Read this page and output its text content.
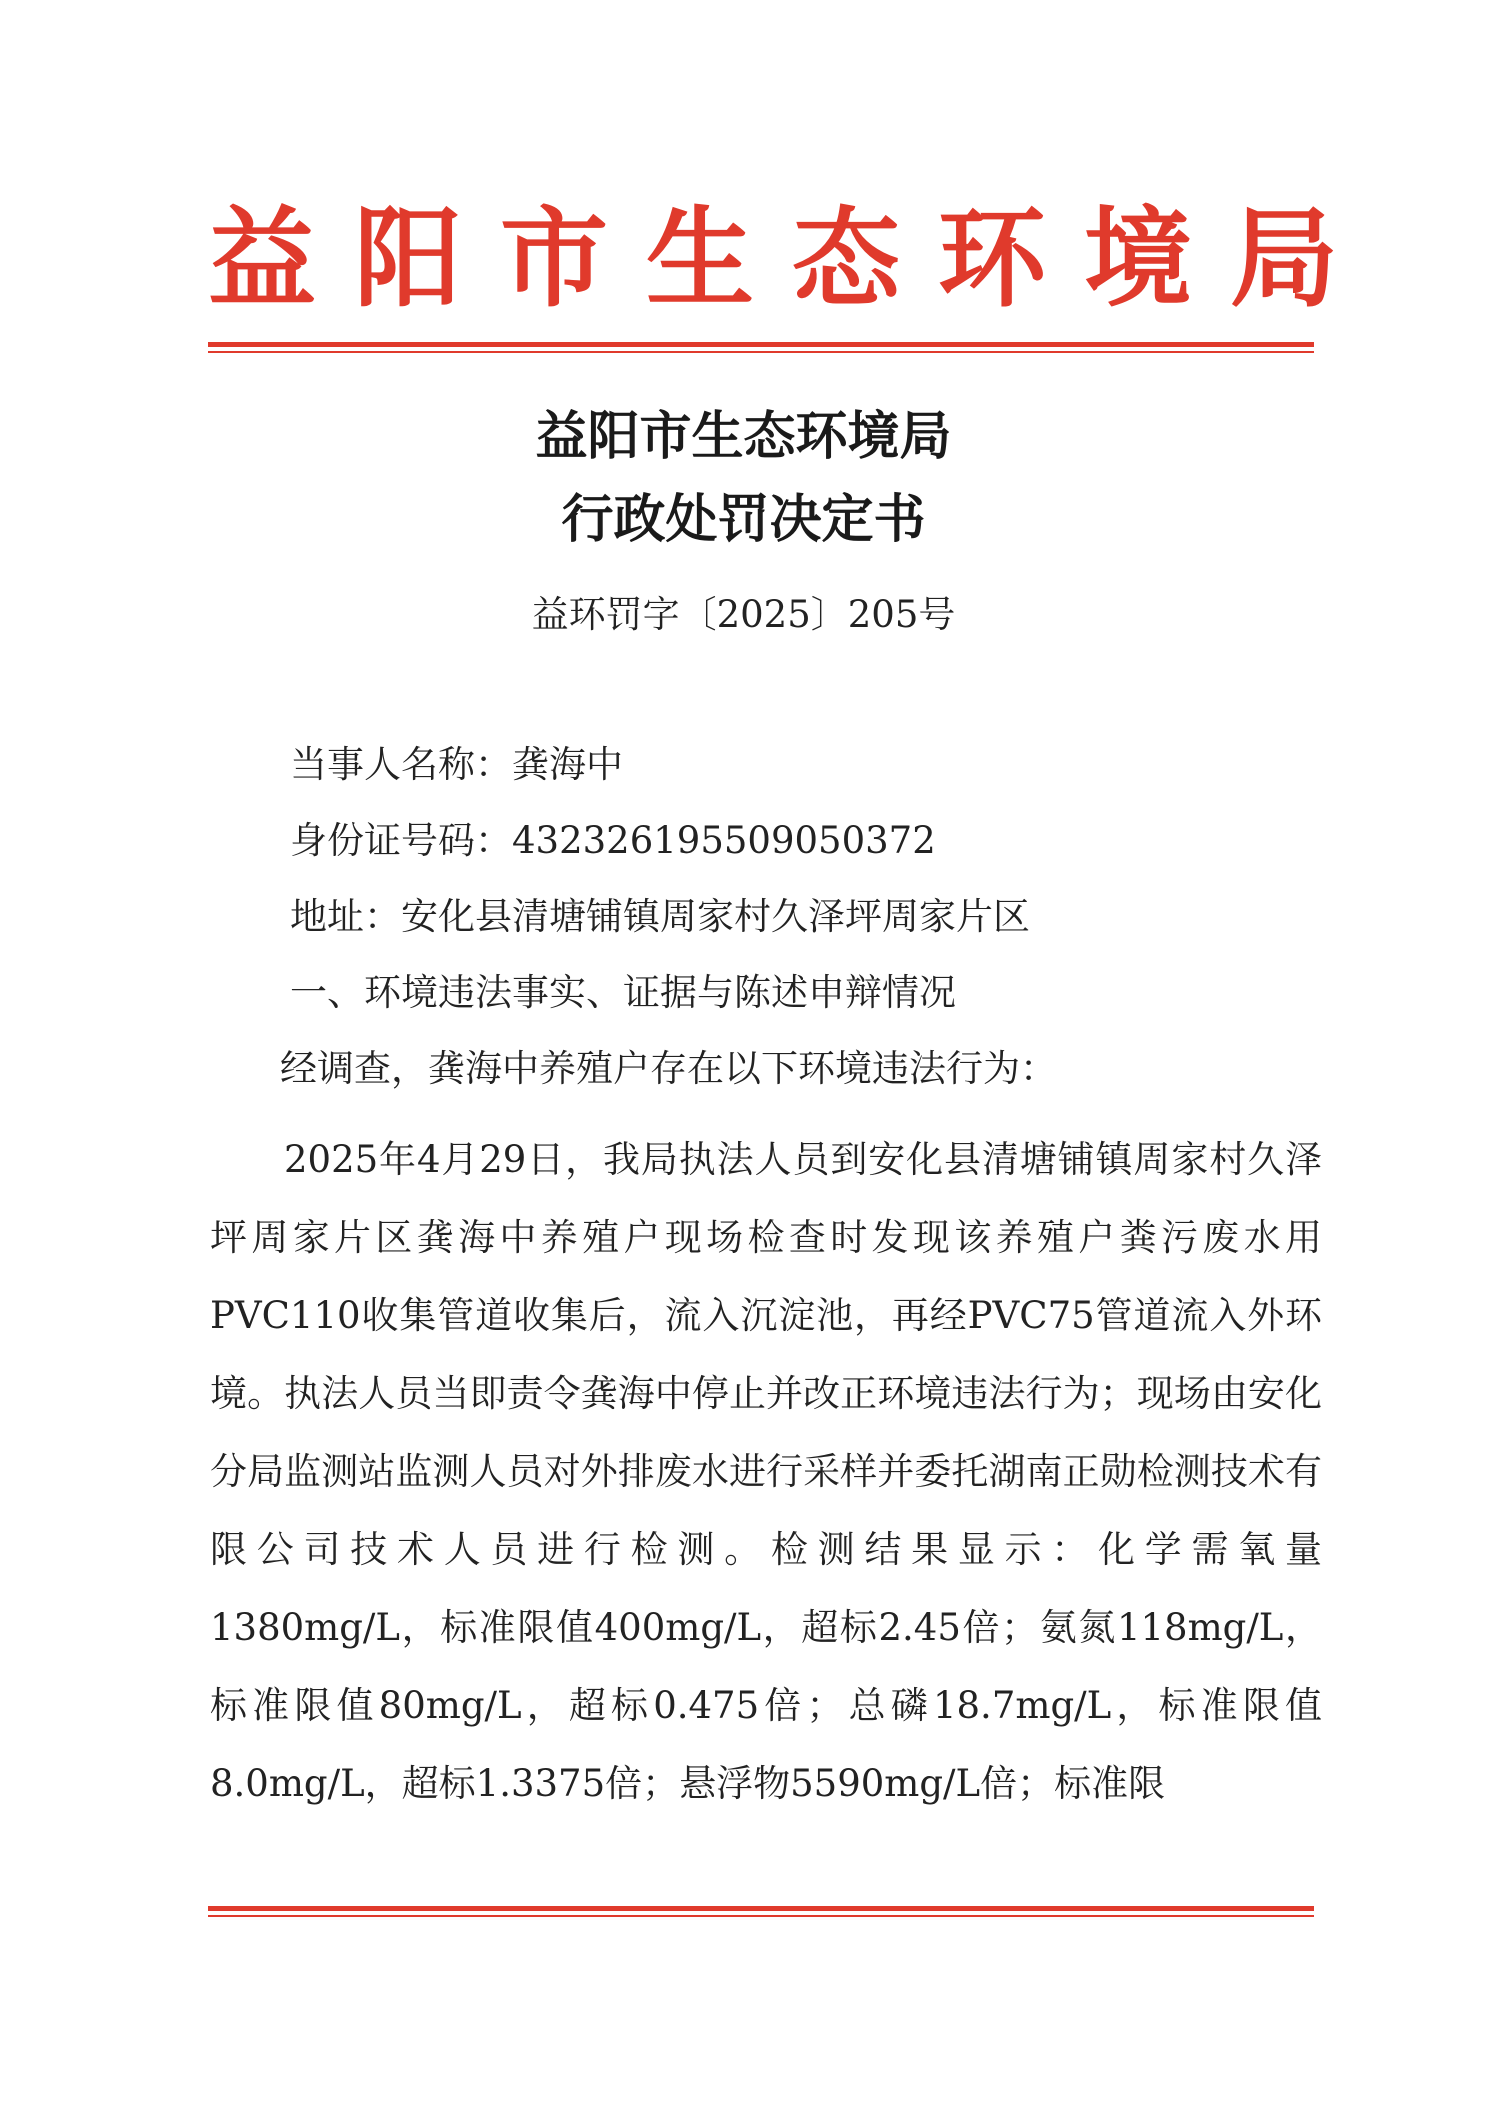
益阳市生态环境局
益阳市生态环境局
行政处罚决定书
益环罚字〔2025〕205号
当事人名称：龚海中
身份证号码：432326195509050372
地址：安化县清塘铺镇周家村久泽坪周家片区
一、环境违法事实、证据与陈述申辩情况
经调查，龚海中养殖户存在以下环境违法行为：

2025年4月29日，我局执法人员到安化县清塘铺镇周家村久泽坪周家片区龚海中养殖户现场检查时发现该养殖户粪污废水用PVC110收集管道收集后，流入沉淀池，再经PVC75管道流入外环境。执法人员当即责令龚海中停止并改正环境违法行为；现场由安化分局监测站监测人员对外排废水进行采样并委托湖南正勋检测技术有限公司技术人员进行检测。检测结果显示：化学需氧量1380mg/L，标准限值400mg/L，超标2.45倍；氨氮118mg/L，标准限值80mg/L，超标0.475倍；总磷18.7mg/L，标准限值8.0mg/L，超标1.3375倍；悬浮物5590mg/L倍；标准限
